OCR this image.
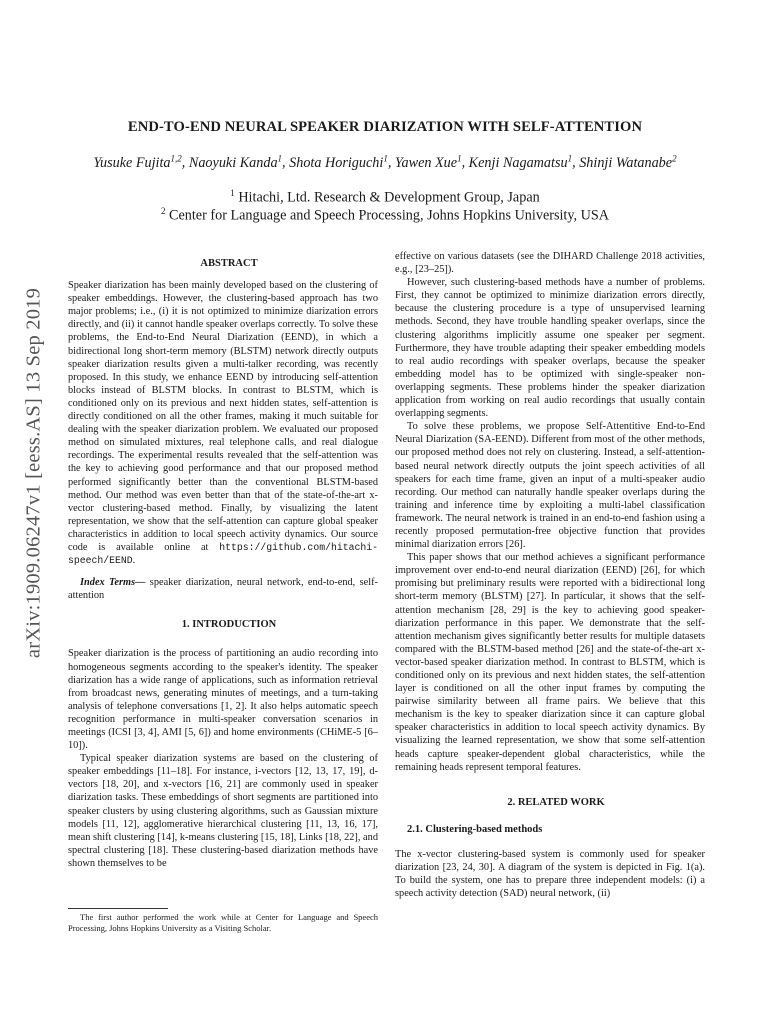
arXiv:1909.06247v1 [eess.AS] 13 Sep 2019
END-TO-END NEURAL SPEAKER DIARIZATION WITH SELF-ATTENTION
Yusuke Fujita$^{1,2}$, Naoyuki Kanda$^1$, Shota Horiguchi$^1$, Yawen Xue$^1$, Kenji Nagamatsu$^1$, Shinji Watanabe$^2$
$^1$ Hitachi, Ltd. Research & Development Group, Japan
$^2$ Center for Language and Speech Processing, Johns Hopkins University, USA

ABSTRACT

Speaker diarization has been mainly developed based on the clustering of speaker embeddings. However, the clustering-based approach has two major problems; i.e., (i) it is not optimized to minimize diarization errors directly, and (ii) it cannot handle speaker overlaps correctly. To solve these problems, the End-to-End Neural Diarization (EEND), in which a bidirectional long short-term memory (BLSTM) network directly outputs speaker diarization results given a multi-talker recording, was recently proposed. In this study, we enhance EEND by introducing self-attention blocks instead of BLSTM blocks. In contrast to BLSTM, which is conditioned only on its previous and next hidden states, self-attention is directly conditioned on all the other frames, making it much suitable for dealing with the speaker diarization problem. We evaluated our proposed method on simulated mixtures, real telephone calls, and real dialogue recordings. The experimental results revealed that the self-attention was the key to achieving good performance and that our proposed method performed significantly better than the conventional BLSTM-based method. Our method was even better than that of the state-of-the-art x-vector clustering-based method. Finally, by visualizing the latent representation, we show that the self-attention can capture global speaker characteristics in addition to local speech activity dynamics. Our source code is available online at https://github.com/hitachi-speech/EEND.

Index Terms— speaker diarization, neural network, end-to-end, self-attention

1. INTRODUCTION

Speaker diarization is the process of partitioning an audio recording into homogeneous segments according to the speaker's identity. The speaker diarization has a wide range of applications, such as information retrieval from broadcast news, generating minutes of meetings, and a turn-taking analysis of telephone conversations [1, 2]. It also helps automatic speech recognition performance in multi-speaker conversation scenarios in meetings (ICSI [3, 4], AMI [5, 6]) and home environments (CHiME-5 [6–10]).

Typical speaker diarization systems are based on the clustering of speaker embeddings [11–18]. For instance, i-vectors [12, 13, 17, 19], d-vectors [18, 20], and x-vectors [16, 21] are commonly used in speaker diarization tasks. These embeddings of short segments are partitioned into speaker clusters by using clustering algorithms, such as Gaussian mixture models [11, 12], agglomerative hierarchical clustering [11, 13, 16, 17], mean shift clustering [14], k-means clustering [15, 18], Links [18, 22], and spectral clustering [18]. These clustering-based diarization methods have shown themselves to be

The first author performed the work while at Center for Language and Speech Processing, Johns Hopkins University as a Visiting Scholar.

effective on various datasets (see the DIHARD Challenge 2018 activities, e.g., [23–25]).

However, such clustering-based methods have a number of problems. First, they cannot be optimized to minimize diarization errors directly, because the clustering procedure is a type of unsupervised learning methods. Second, they have trouble handling speaker overlaps, since the clustering algorithms implicitly assume one speaker per segment. Furthermore, they have trouble adapting their speaker embedding models to real audio recordings with speaker overlaps, because the speaker embedding model has to be optimized with single-speaker non-overlapping segments. These problems hinder the speaker diarization application from working on real audio recordings that usually contain overlapping segments.

To solve these problems, we propose Self-Attentitive End-to-End Neural Diarization (SA-EEND). Different from most of the other methods, our proposed method does not rely on clustering. Instead, a self-attention-based neural network directly outputs the joint speech activities of all speakers for each time frame, given an input of a multi-speaker audio recording. Our method can naturally handle speaker overlaps during the training and inference time by exploiting a multi-label classification framework. The neural network is trained in an end-to-end fashion using a recently proposed permutation-free objective function that provides minimal diarization errors [26].

This paper shows that our method achieves a significant performance improvement over end-to-end neural diarization (EEND) [26], for which promising but preliminary results were reported with a bidirectional long short-term memory (BLSTM) [27]. In particular, it shows that the self-attention mechanism [28, 29] is the key to achieving good speaker-diarization performance in this paper. We demonstrate that the self-attention mechanism gives significantly better results for multiple datasets compared with the BLSTM-based method [26] and the state-of-the-art x-vector-based speaker diarization method. In contrast to BLSTM, which is conditioned only on its previous and next hidden states, the self-attention layer is conditioned on all the other input frames by computing the pairwise similarity between all frame pairs. We believe that this mechanism is the key to speaker diarization since it can capture global speaker characteristics in addition to local speech activity dynamics. By visualizing the learned representation, we show that some self-attention heads capture speaker-dependent global characteristics, while the remaining heads represent temporal features.

2. RELATED WORK

2.1. Clustering-based methods

The x-vector clustering-based system is commonly used for speaker diarization [23, 24, 30]. A diagram of the system is depicted in Fig. 1(a). To build the system, one has to prepare three independent models: (i) a speech activity detection (SAD) neural network, (ii)
